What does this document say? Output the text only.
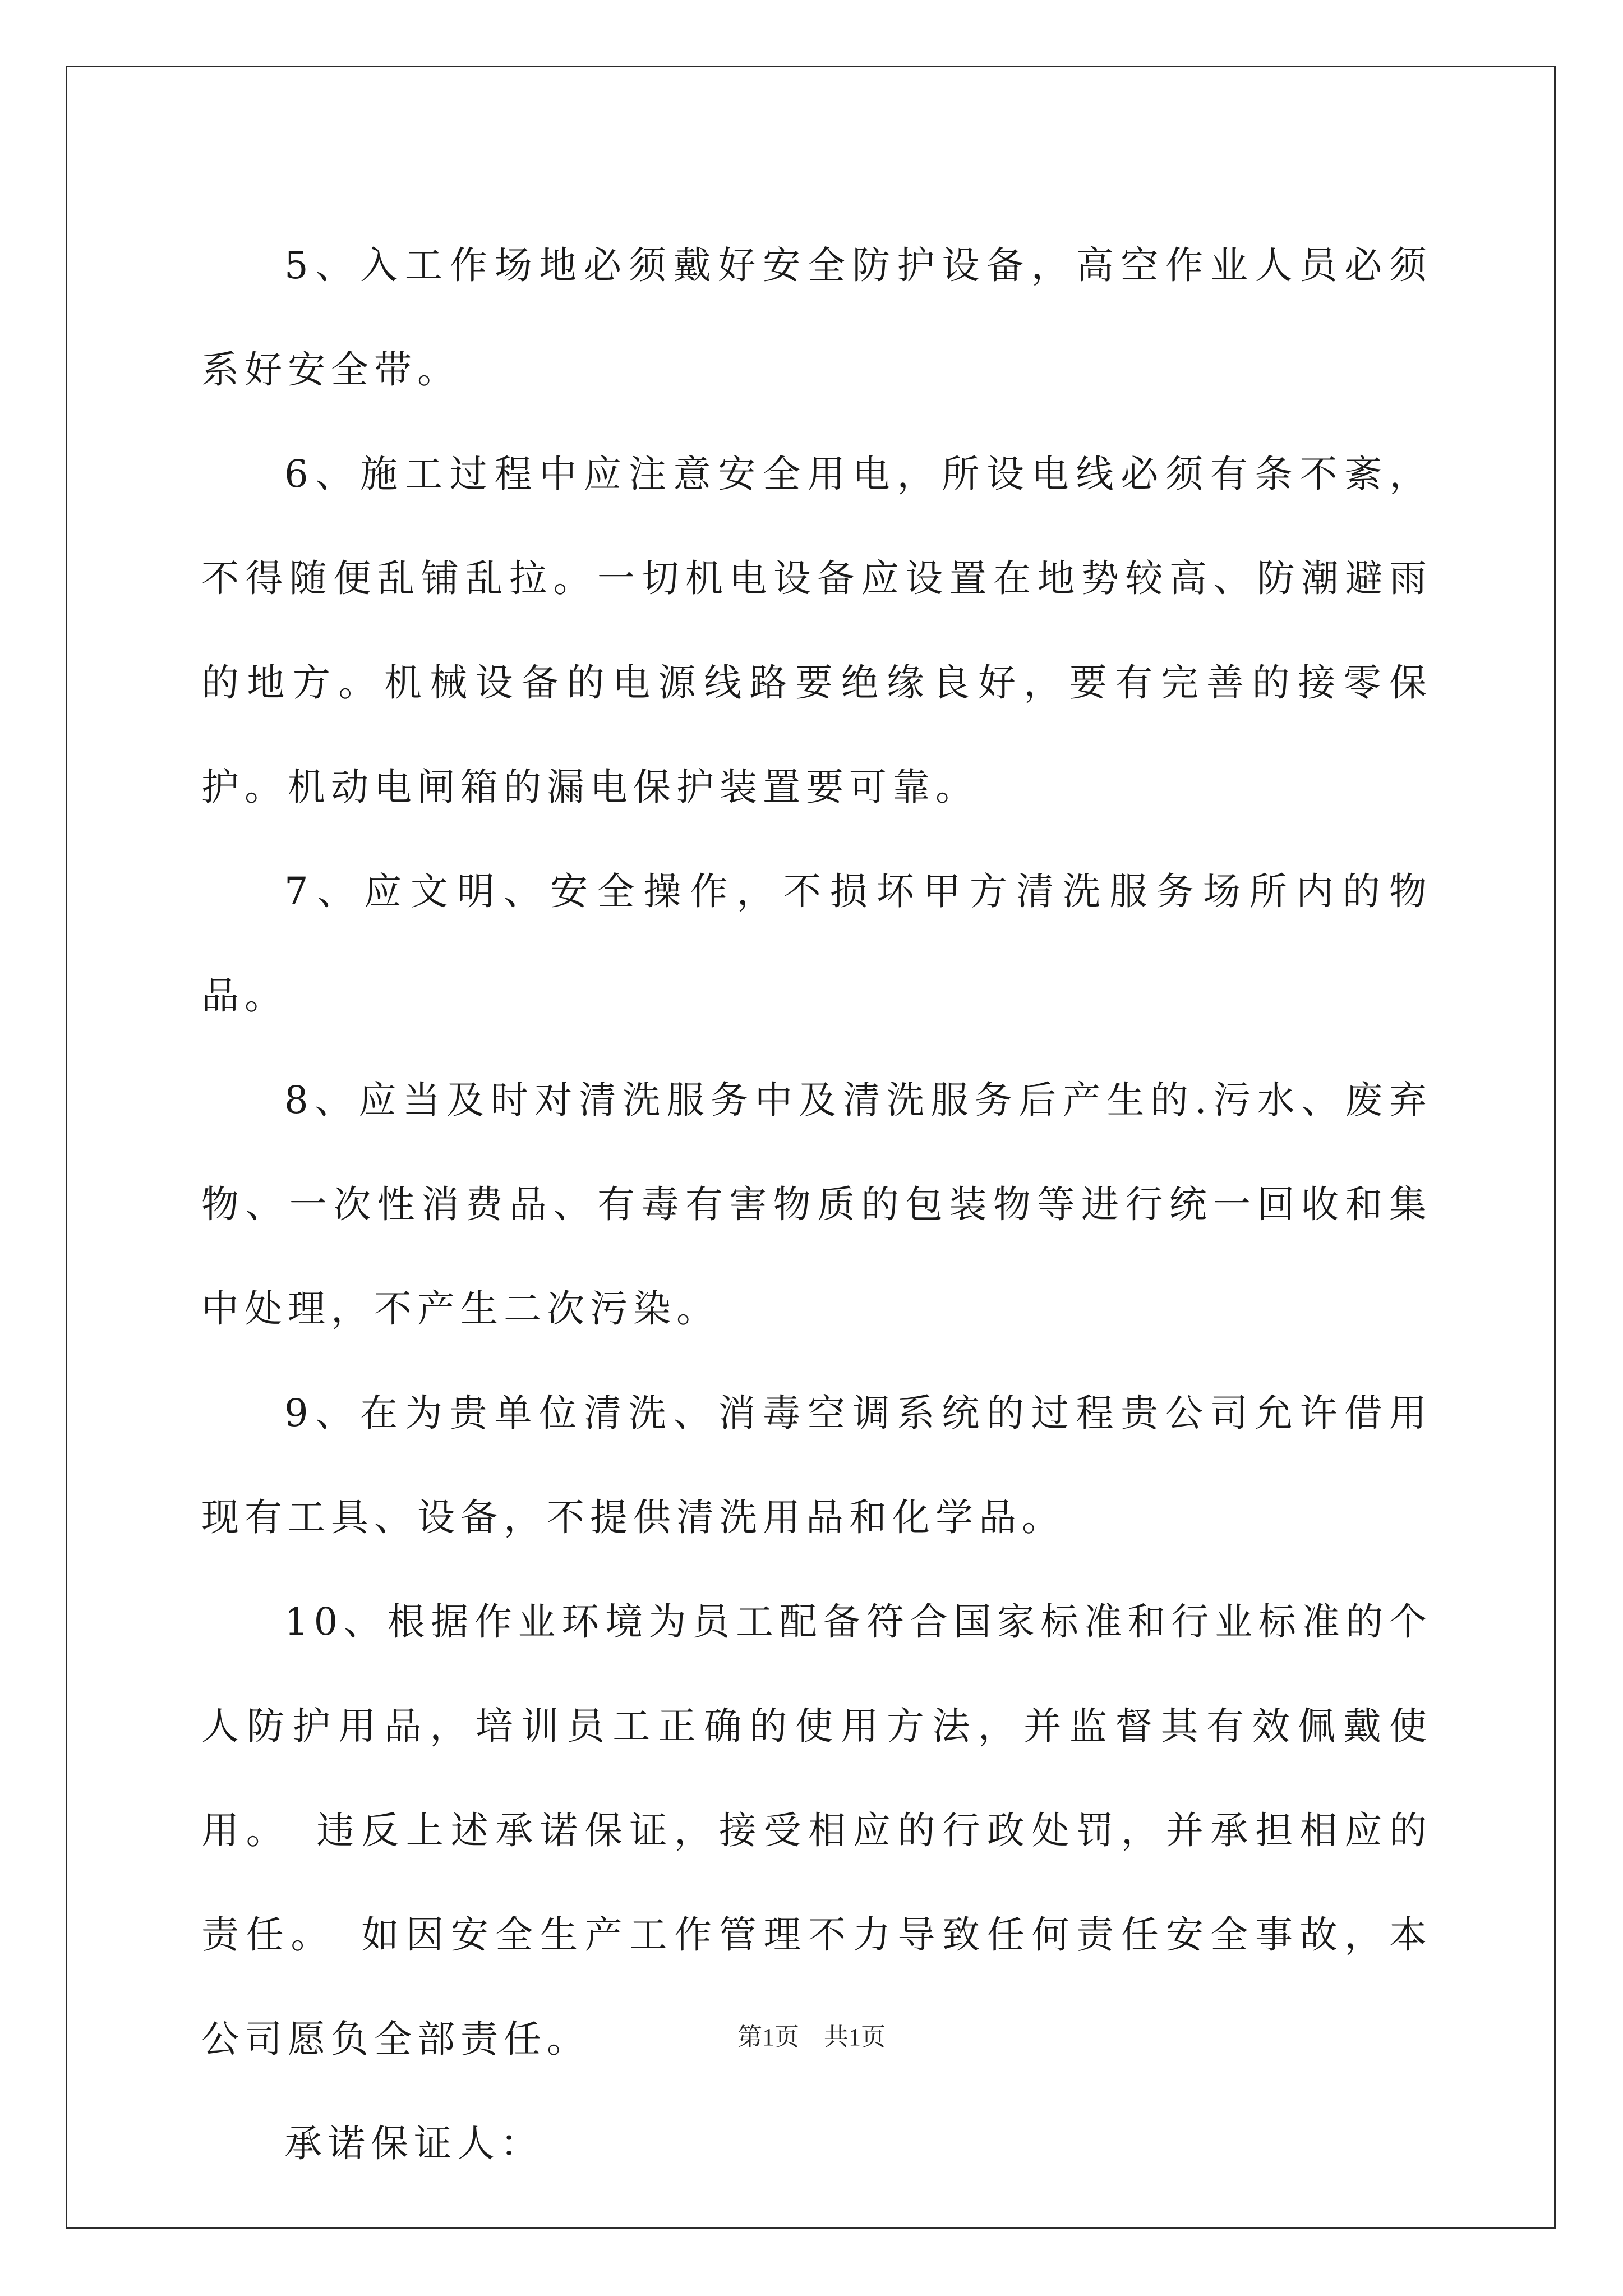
5、入工作场地必须戴好安全防护设备，高空作业人员必须系好安全带。

6、施工过程中应注意安全用电，所设电线必须有条不紊，不得随便乱铺乱拉。一切机电设备应设置在地势较高、防潮避雨的地方。机械设备的电源线路要绝缘良好，要有完善的接零保护。机动电闸箱的漏电保护装置要可靠。

7、应文明、安全操作，不损坏甲方清洗服务场所内的物品。

8、应当及时对清洗服务中及清洗服务后产生的.污水、废弃物、一次性消费品、有毒有害物质的包装物等进行统一回收和集中处理，不产生二次污染。

9、在为贵单位清洗、消毒空调系统的过程贵公司允许借用现有工具、设备，不提供清洗用品和化学品。

10、根据作业环境为员工配备符合国家标准和行业标准的个人防护用品，培训员工正确的使用方法，并监督其有效佩戴使用。　违反上述承诺保证，接受相应的行政处罚，并承担相应的责任。　如因安全生产工作管理不力导致任何责任安全事故，本公司愿负全部责任。

承诺保证人：

第1页　共1页
